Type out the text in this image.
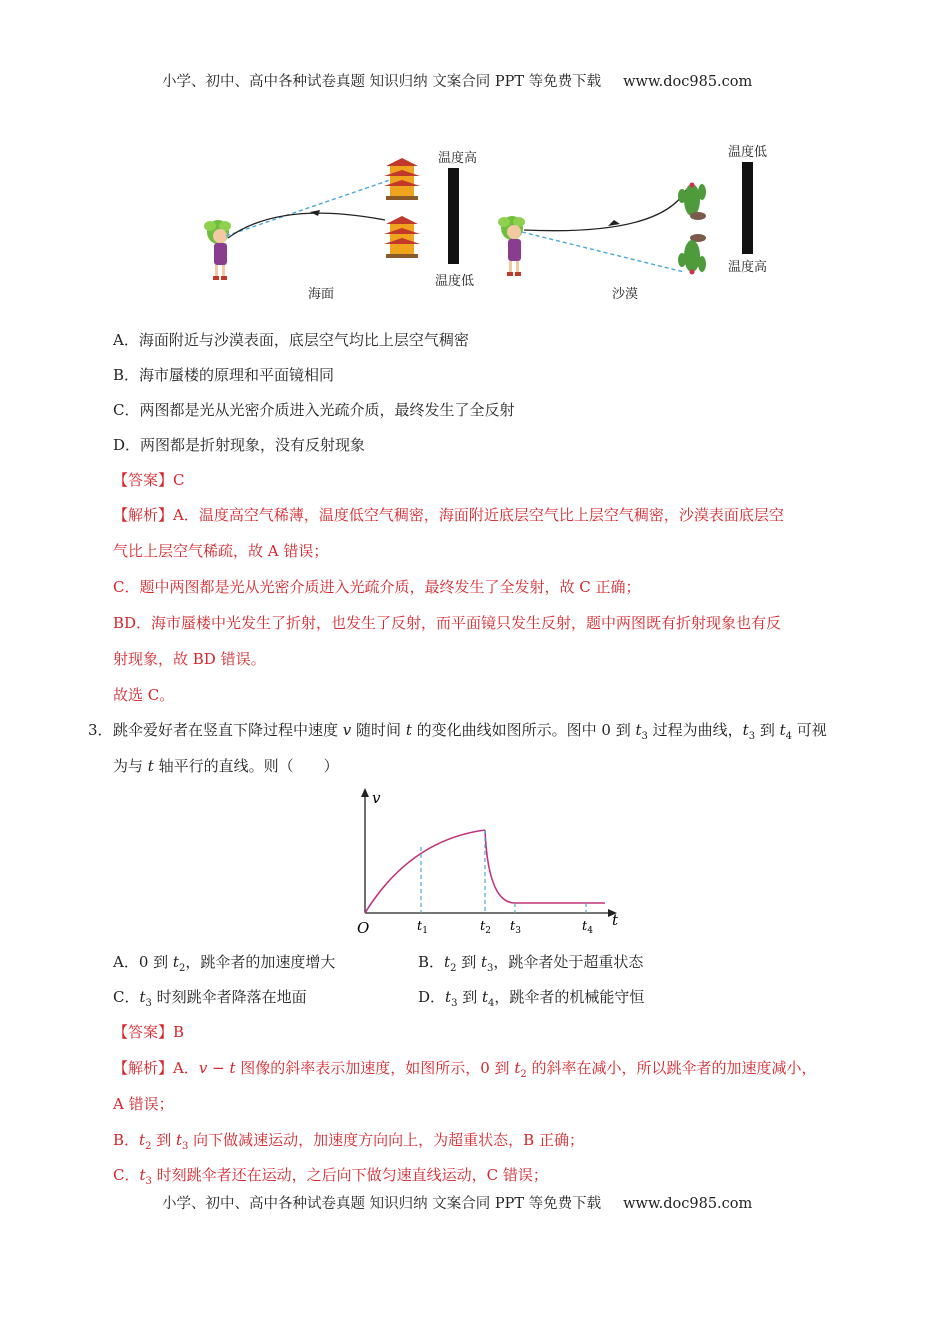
小学、初中、高中各种试卷真题 知识归纳 文案合同 PPT 等免费下载 www.doc985.com
温度高
温度低
海面
温度低
温度高
沙漠
A．海面附近与沙漠表面，底层空气均比上层空气稠密
B．海市蜃楼的原理和平面镜相同
C．两图都是光从光密介质进入光疏介质，最终发生了全反射
D．两图都是折射现象，没有反射现象
【答案】C
【解析】A．温度高空气稀薄，温度低空气稠密，海面附近底层空气比上层空气稠密，沙漠表面底层空
气比上层空气稀疏，故 A 错误；
C．题中两图都是光从光密介质进入光疏介质，最终发生了全发射，故 C 正确；
BD．海市蜃楼中光发生了折射，也发生了反射，而平面镜只发生反射，题中两图既有折射现象也有反
射现象，故 BD 错误。
故选 C。
3． 跳伞爱好者在竖直下降过程中速度 v 随时间 t 的变化曲线如图所示。图中 0 到 $t_3$ 过程为曲线，$t_3$ 到 $t_4$ 可视
为与 t 轴平行的直线。则（　　）
v
t
O	$t_1$	$t_2$ $t_3$	$t_4$
A．0 到 $t_2$，跳伞者的加速度增大	B．$t_2$ 到 $t_3$，跳伞者处于超重状态
C．$t_3$ 时刻跳伞者降落在地面	D．$t_3$ 到 $t_4$，跳伞者的机械能守恒
【答案】B
【解析】A．v − t 图像的斜率表示加速度，如图所示，0 到 $t_2$ 的斜率在减小，所以跳伞者的加速度减小，
A 错误；
B．$t_2$ 到 $t_3$ 向下做减速运动，加速度方向向上，为超重状态，B 正确；
C．$t_3$ 时刻跳伞者还在运动，之后向下做匀速直线运动，C 错误；
小学、初中、高中各种试卷真题 知识归纳 文案合同 PPT 等免费下载 www.doc985.com
